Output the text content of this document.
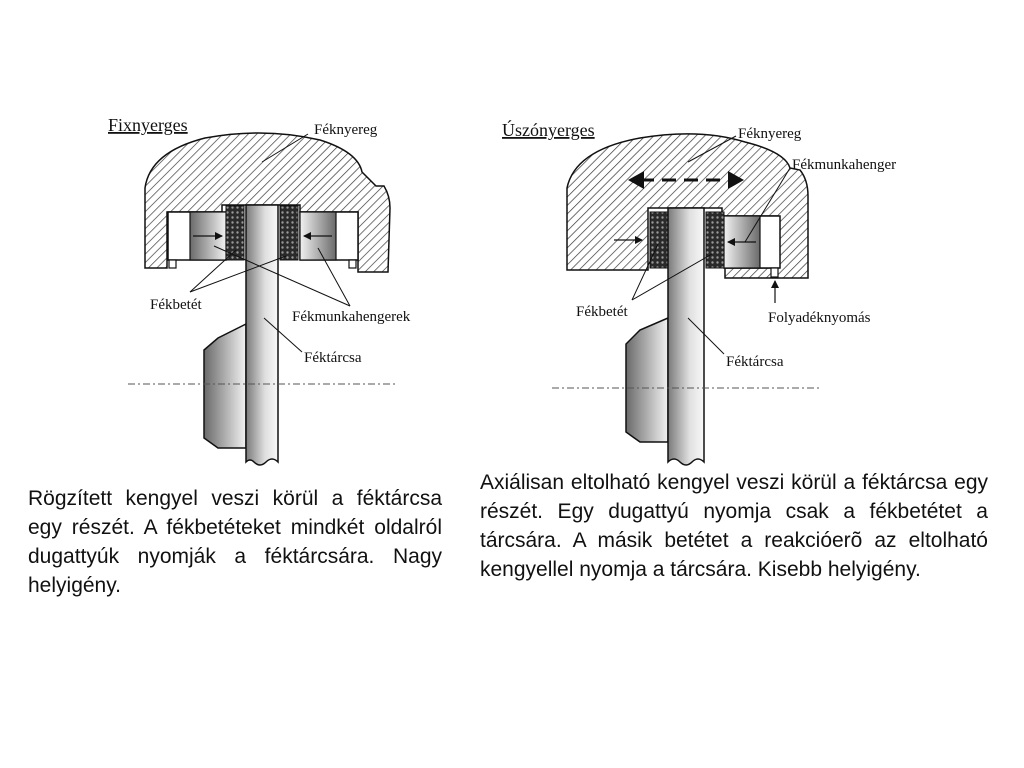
Fixnyerges	Féknyereg
Fékbetét
Fékmunkahengerek
Féktárcsa
Úszónyerges	Féknyereg
Fékmunkahenger
Fékbetét	Folyadéknyomás
Féktárcsa

Rögzített kengyel veszi körül a féktárcsa egy részét. A fékbetéteket mindkét oldalról dugattyúk nyomják a féktárcsára. Nagy helyigény.

Axiálisan eltolható kengyel veszi körül a féktárcsa egy részét. Egy dugattyú nyomja csak a fékbetétet a tárcsára. A másik betétet a reakcióerõ az eltolható kengyellel nyomja a tárcsára. Kisebb helyigény.
